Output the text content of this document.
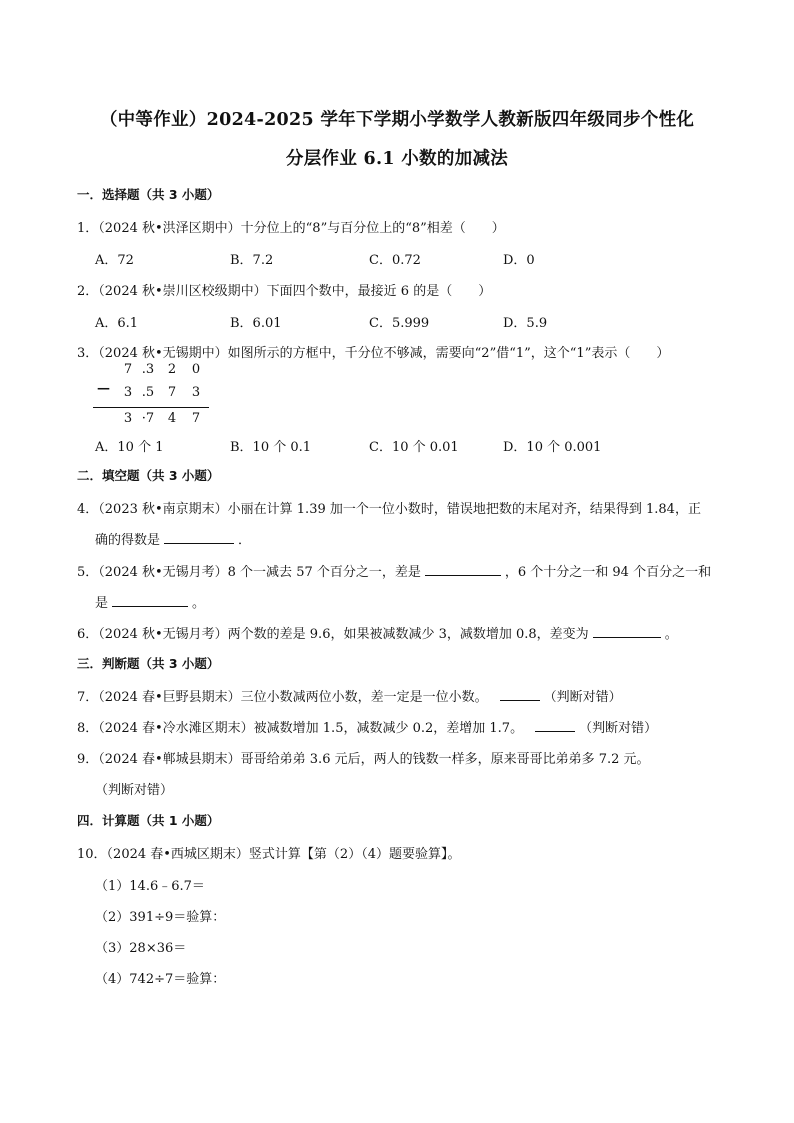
（中等作业）2024-2025 学年下学期小学数学人教新版四年级同步个性化
分层作业 6.1 小数的加减法
一．选择题（共 3 小题）
1．（2024 秋•洪泽区期中）十分位上的“8”与百分位上的“8”相差（　　）
A．72	B．7.2	C．0.72	D．0
2．（2024 秋•崇川区校级期中）下面四个数中，最接近 6 的是（　　）
A．6.1	B．6.01	C．5.999	D．5.9
3．（2024 秋•无锡期中）如图所示的方框中，千分位不够减，需要向“2”借“1”，这个“1”表示（　　）
7 .3 2 0
— 3 .5 7 3
3 ·7 4 7
A．10 个 1	B．10 个 0.1	C．10 个 0.01	D．10 个 0.001
二．填空题（共 3 小题）
4．（2023 秋•南京期末）小丽在计算 1.39 加一个一位小数时，错误地把数的末尾对齐，结果得到 1.84，正
确的得数是	．
5．（2024 秋•无锡月考）8 个一减去 57 个百分之一，差是	，6 个十分之一和 94 个百分之一和
是	。
6．（2024 秋•无锡月考）两个数的差是 9.6，如果被减数减少 3，减数增加 0.8，差变为	。
三．判断题（共 3 小题）
7．（2024 春•巨野县期末）三位小数减两位小数，差一定是一位小数。	（判断对错）
8．（2024 春•冷水滩区期末）被减数增加 1.5，减数减少 0.2，差增加 1.7。	（判断对错）
9．（2024 春•郸城县期末）哥哥给弟弟 3.6 元后，两人的钱数一样多，原来哥哥比弟弟多 7.2 元。
（判断对错）
四．计算题（共 1 小题）
10．（2024 春•西城区期末）竖式计算【第（2）（4）题要验算】。
（1）14.6﹣6.7＝
（2）391÷9＝验算：
（3）28×36＝
（4）742÷7＝验算：
